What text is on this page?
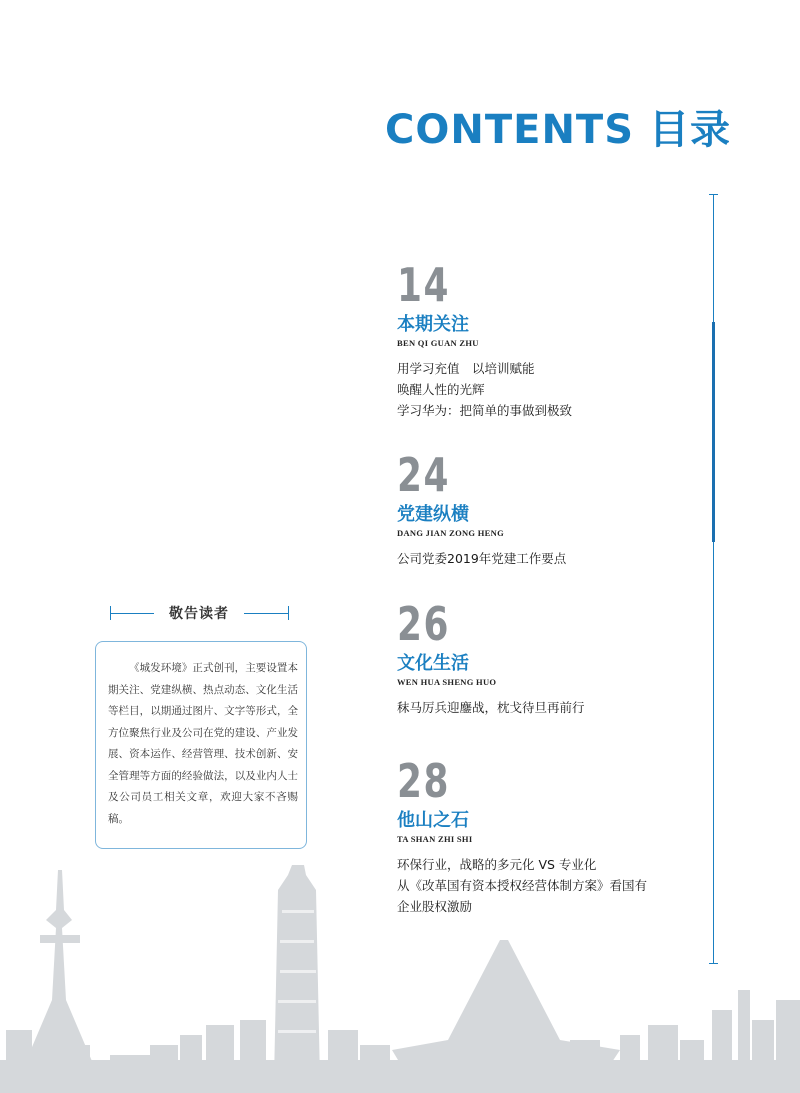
CONTENTS 目录
14
本期关注
BEN QI GUAN ZHU
用学习充值　以培训赋能
唤醒人性的光辉
学习华为：把简单的事做到极致
24
党建纵横
DANG JIAN ZONG HENG
公司党委2019年党建工作要点
26
文化生活
WEN HUA SHENG HUO
秣马厉兵迎鏖战，枕戈待旦再前行
28
他山之石
TA SHAN ZHI SHI
环保行业，战略的多元化 VS 专业化
从《改革国有资本授权经营体制方案》看国有
企业股权激励
敬告读者
《城发环境》正式创刊，主要设置本期关注、党建纵横、热点动态、文化生活等栏目，以期通过图片、文字等形式，全方位聚焦行业及公司在党的建设、产业发展、资本运作、经营管理、技术创新、安全管理等方面的经验做法，以及业内人士及公司员工相关文章，欢迎大家不吝赐稿。
